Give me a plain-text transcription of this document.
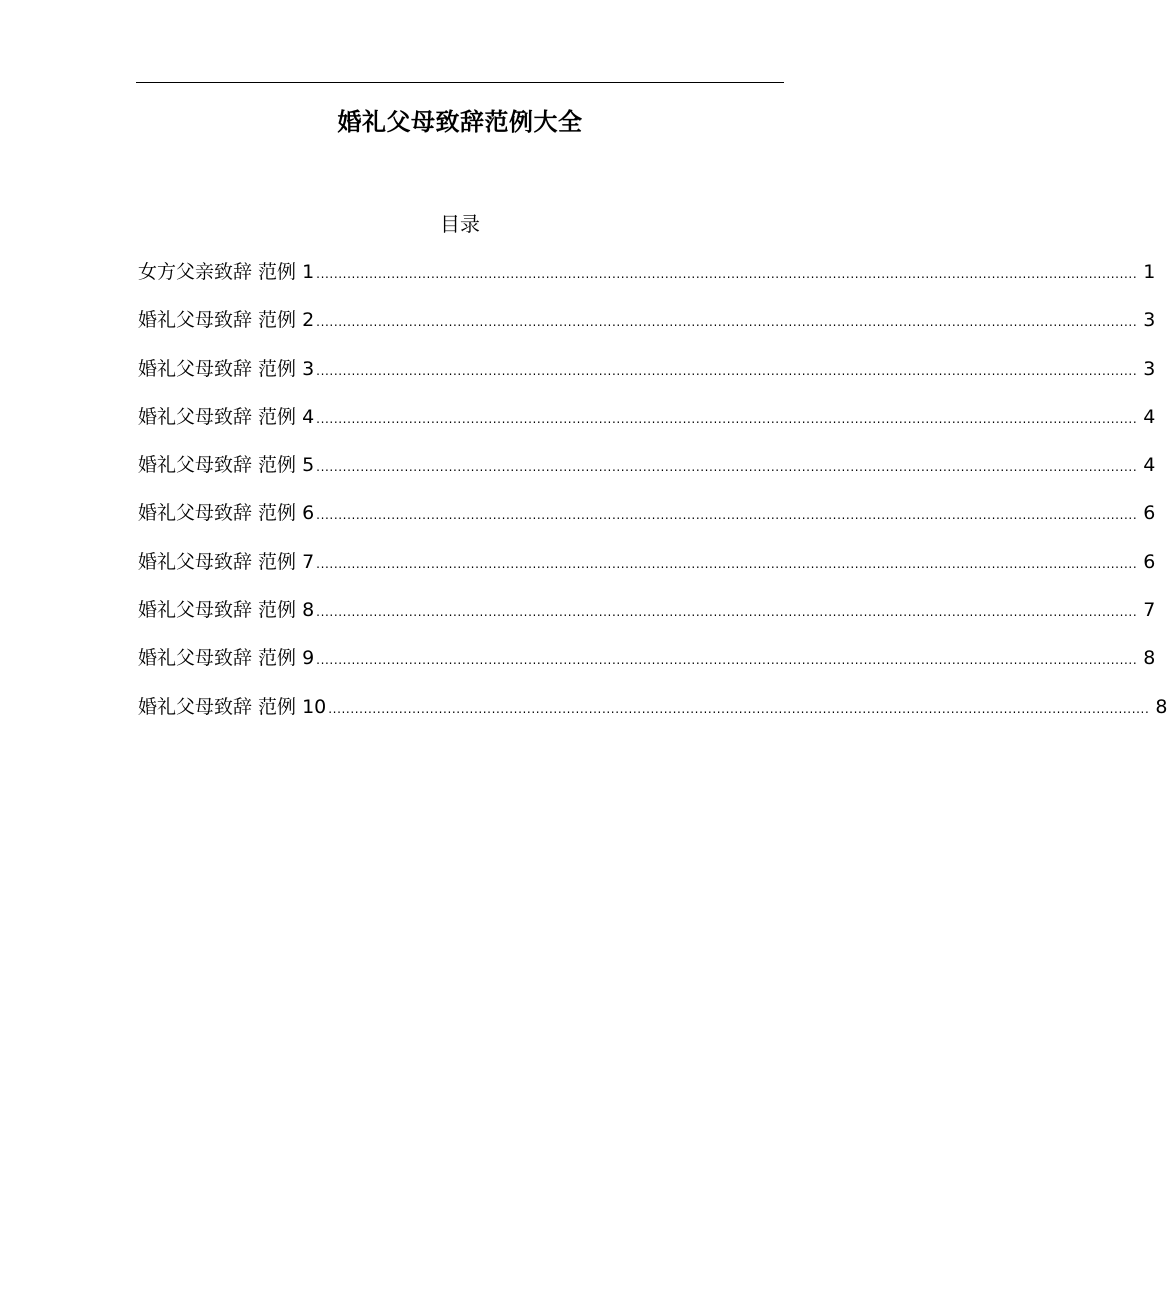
婚礼父母致辞范例大全
目录
女方父亲致辞 范例 1 .......................................................................................................................................................................................... 1
婚礼父母致辞 范例 2 .......................................................................................................................................................................................... 3
婚礼父母致辞 范例 3 .......................................................................................................................................................................................... 3
婚礼父母致辞 范例 4 .......................................................................................................................................................................................... 4
婚礼父母致辞 范例 5 .......................................................................................................................................................................................... 4
婚礼父母致辞 范例 6 .......................................................................................................................................................................................... 6
婚礼父母致辞 范例 7 .......................................................................................................................................................................................... 6
婚礼父母致辞 范例 8 .......................................................................................................................................................................................... 7
婚礼父母致辞 范例 9 .......................................................................................................................................................................................... 8
婚礼父母致辞 范例 10 .......................................................................................................................................................................................... 8
